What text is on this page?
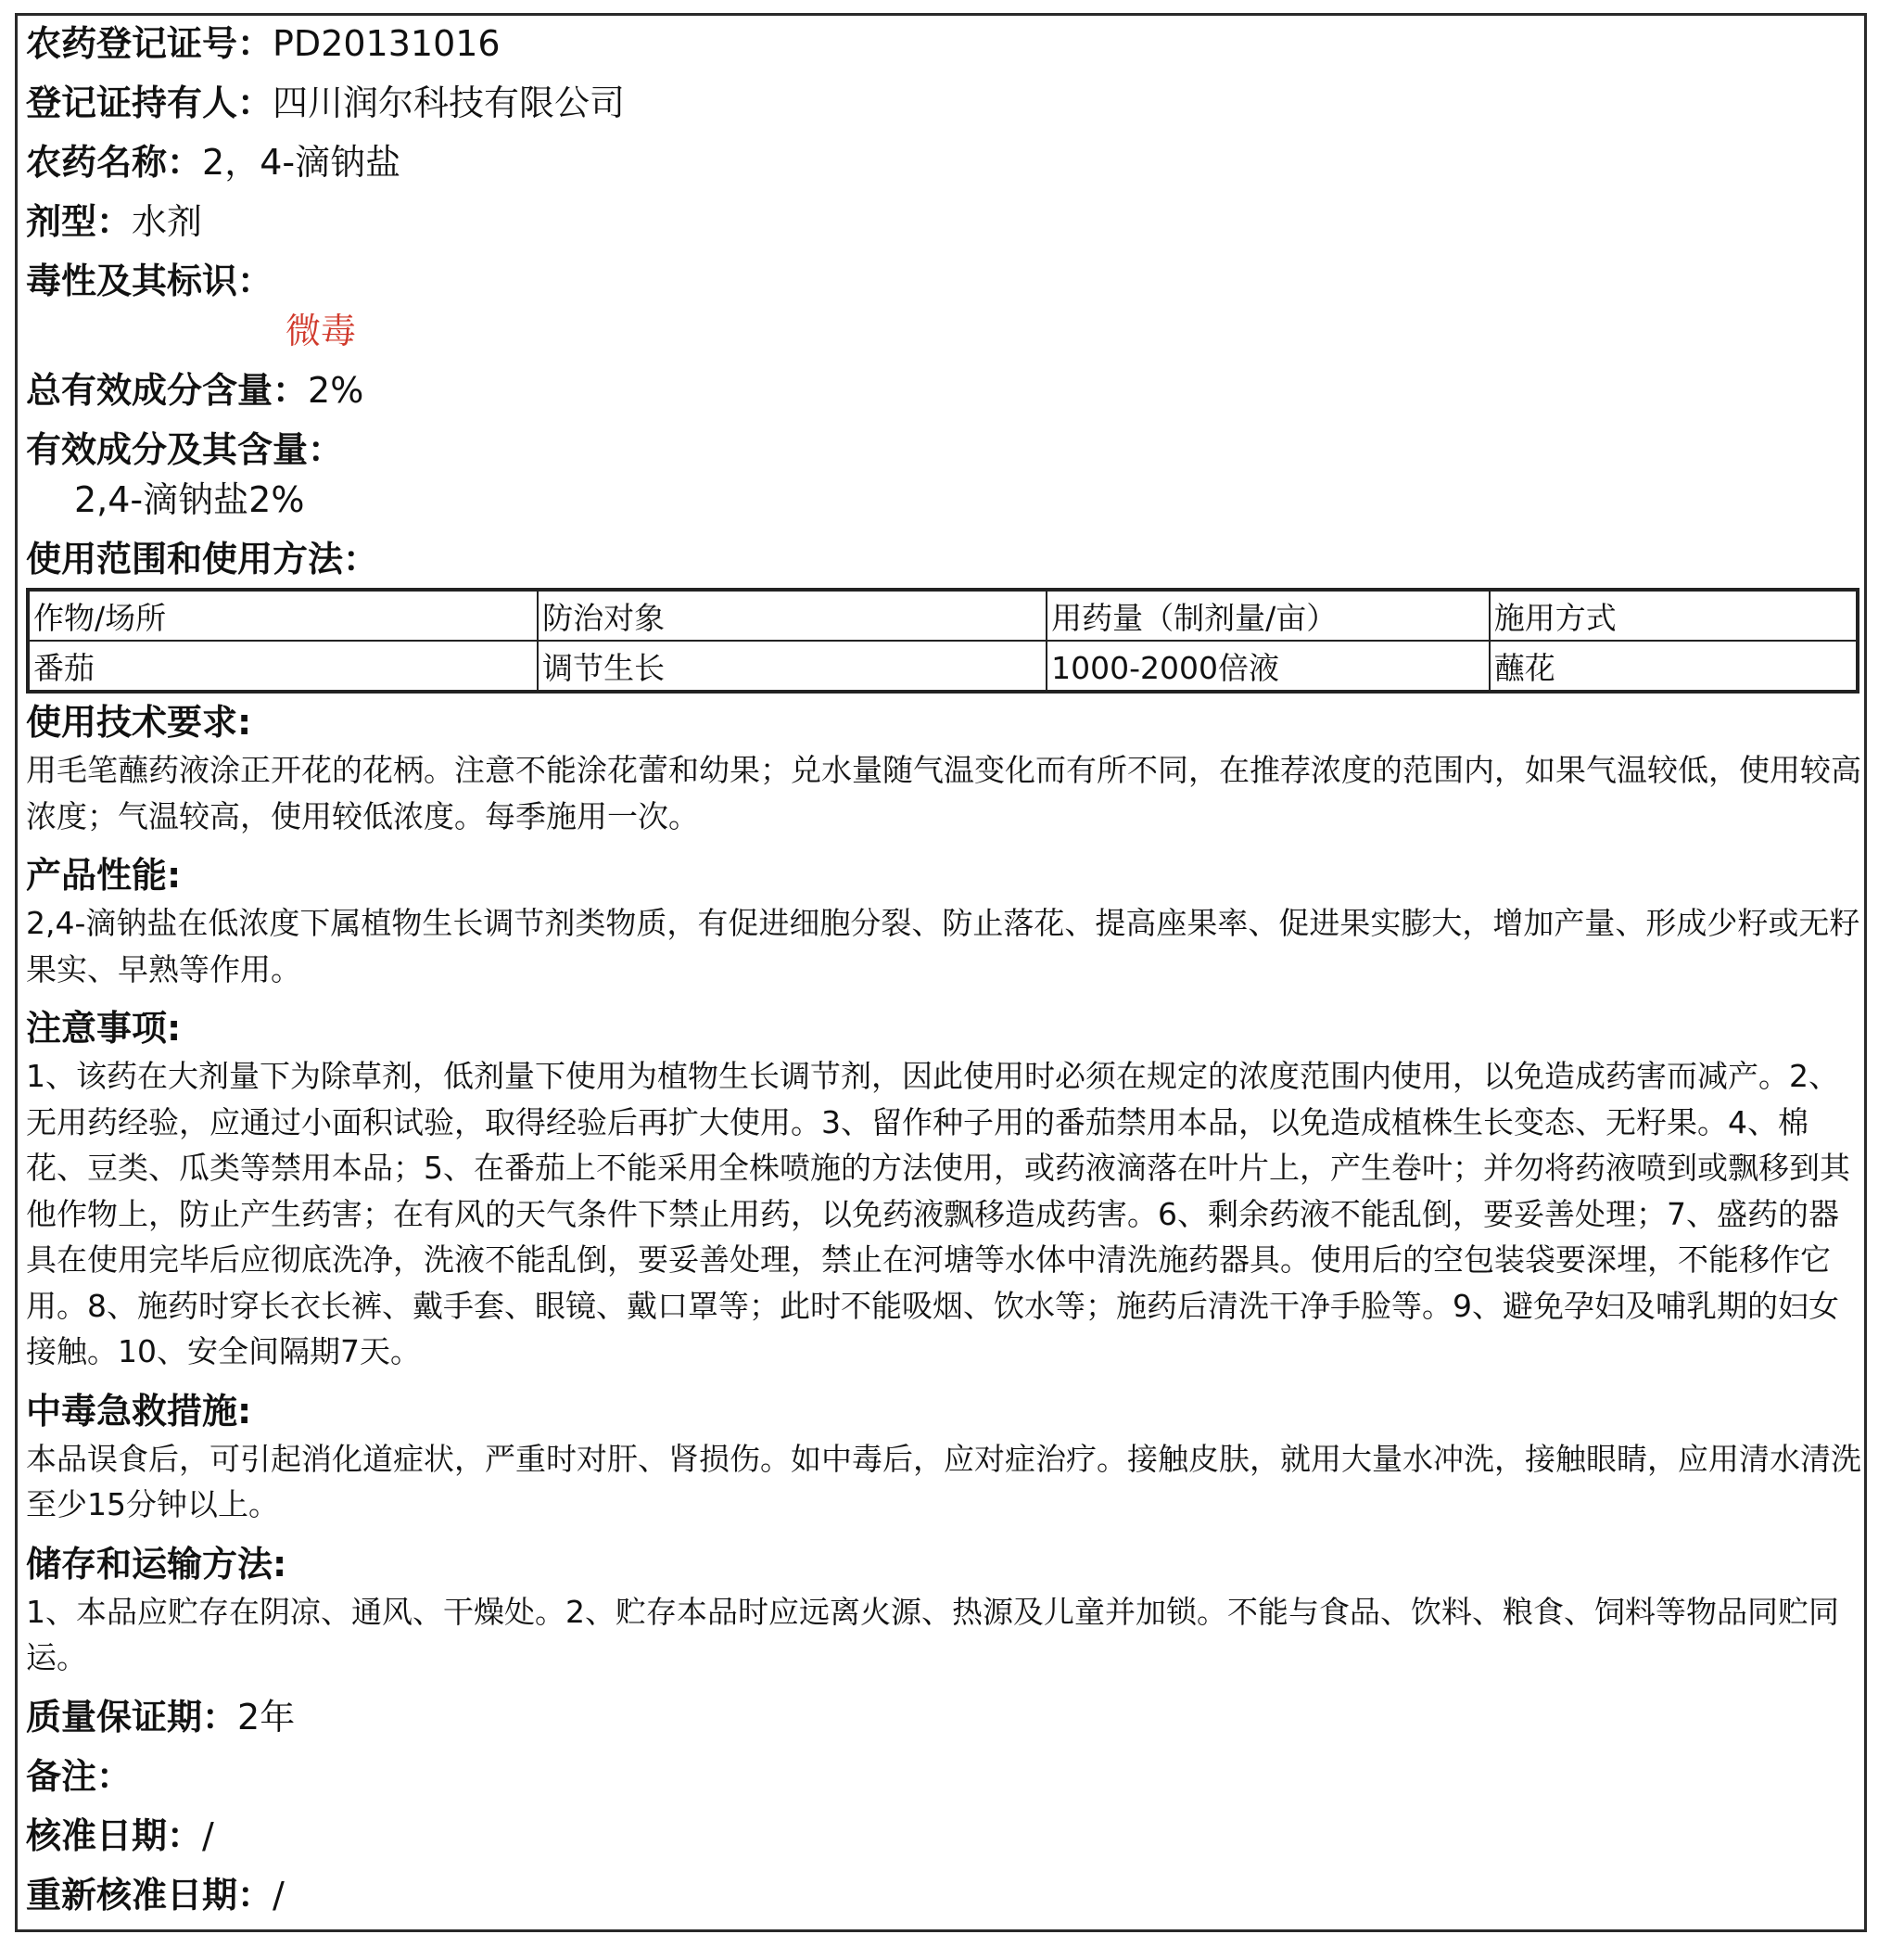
农药登记证号：PD20131016
登记证持有人：四川润尔科技有限公司
农药名称：2，4-滴钠盐
剂型：水剂
毒性及其标识：
微毒
总有效成分含量：2%
有效成分及其含量：
2,4-滴钠盐2%
使用范围和使用方法：
作物/场所	防治对象	用药量（制剂量/亩）	施用方式
番茄	调节生长	1000-2000倍液	蘸花
使用技术要求:
用毛笔蘸药液涂正开花的花柄。注意不能涂花蕾和幼果；兑水量随气温变化而有所不同，在推荐浓度的范围内，如果气温较低，使用较高浓度；气温较高，使用较低浓度。每季施用一次。
产品性能:
2,4-滴钠盐在低浓度下属植物生长调节剂类物质，有促进细胞分裂、防止落花、提高座果率、促进果实膨大，增加产量、形成少籽或无籽果实、早熟等作用。
注意事项:
1、该药在大剂量下为除草剂，低剂量下使用为植物生长调节剂，因此使用时必须在规定的浓度范围内使用，以免造成药害而减产。2、无用药经验，应通过小面积试验，取得经验后再扩大使用。3、留作种子用的番茄禁用本品，以免造成植株生长变态、无籽果。4、棉花、豆类、瓜类等禁用本品；5、在番茄上不能采用全株喷施的方法使用，或药液滴落在叶片上，产生卷叶；并勿将药液喷到或飘移到其他作物上，防止产生药害；在有风的天气条件下禁止用药，以免药液飘移造成药害。6、剩余药液不能乱倒，要妥善处理；7、盛药的器具在使用完毕后应彻底洗净，洗液不能乱倒，要妥善处理，禁止在河塘等水体中清洗施药器具。使用后的空包装袋要深埋，不能移作它用。8、施药时穿长衣长裤、戴手套、眼镜、戴口罩等；此时不能吸烟、饮水等；施药后清洗干净手脸等。9、避免孕妇及哺乳期的妇女接触。10、安全间隔期7天。
中毒急救措施:
本品误食后，可引起消化道症状，严重时对肝、肾损伤。如中毒后，应对症治疗。接触皮肤，就用大量水冲洗，接触眼睛，应用清水清洗至少15分钟以上。
储存和运输方法:
1、本品应贮存在阴凉、通风、干燥处。2、贮存本品时应远离火源、热源及儿童并加锁。不能与食品、饮料、粮食、饲料等物品同贮同运。
质量保证期：2年
备注：
核准日期：/
重新核准日期：/
